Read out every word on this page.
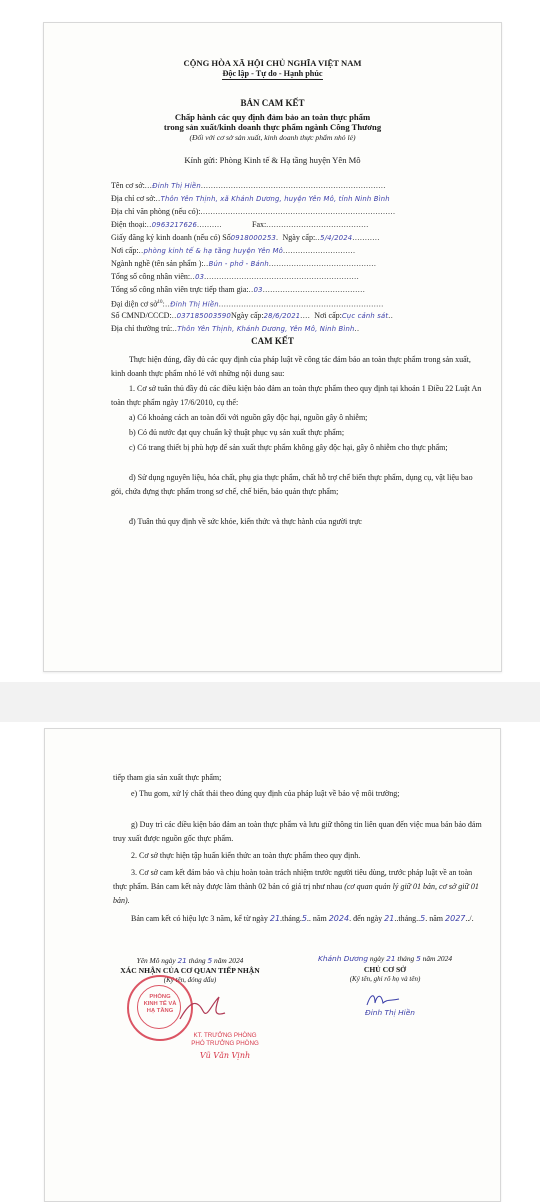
CỘNG HÒA XÃ HỘI CHỦ NGHĨA VIỆT NAM
Độc lập - Tự do - Hạnh phúc
BẢN CAM KẾT
Chấp hành các quy định đảm bảo an toàn thực phẩm
trong sản xuất/kinh doanh thực phẩm ngành Công Thương
(Đối với cơ sở sản xuất, kinh doanh thực phẩm nhỏ lẻ)
Kính gửi: Phòng Kinh tế & Hạ tầng huyện Yên Mô
Tên cơ sở:...Đinh Thị Hiền..........................................................................
Địa chỉ cơ sở:..Thôn Yên Thịnh, xã Khánh Dương, huyện Yên Mô, tỉnh Ninh Bình
Địa chỉ văn phòng (nếu có):..............................................................................
Điện thoại:..0963217626..........	Fax:.........................................
Giấy đăng ký kinh doanh (nếu có) Số0918000253. Ngày cấp:..5/4/2024...........
Nơi cấp:..phòng kinh tế & hạ tầng huyện Yên Mô.............................
Ngành nghề (tên sản phẩm ):..Bún - phở - Bánh...........................................
Tổng số công nhân viên:..03..............................................................
Tổng số công nhân viên trực tiếp tham gia:..03.........................................
Đại diện cơ sở$^{10}$:..Đinh Thị Hiền..................................................................
Số CMND/CCCD:..037185003590Ngày cấp:28/6/2021.... Nơi cấp:Cục cảnh sát..
Địa chỉ thường trú:..Thôn Yên Thịnh, Khánh Dương, Yên Mô, Ninh Bình..
CAM KẾT
Thực hiện đúng, đầy đủ các quy định của pháp luật về công tác đảm bảo an toàn thực phẩm trong sản xuất, kinh doanh thực phẩm nhỏ lẻ với những nội dung sau:
1. Cơ sở tuân thủ đầy đủ các điều kiện bảo đảm an toàn thực phẩm theo quy định tại khoản 1 Điều 22 Luật An toàn thực phẩm ngày 17/6/2010, cụ thể:
a) Có khoảng cách an toàn đối với nguồn gây độc hại, nguồn gây ô nhiễm;
b) Có đủ nước đạt quy chuẩn kỹ thuật phục vụ sản xuất thực phẩm;
c) Có trang thiết bị phù hợp để sản xuất thực phẩm không gây độc hại, gây ô nhiễm cho thực phẩm;
d) Sử dụng nguyên liệu, hóa chất, phụ gia thực phẩm, chất hỗ trợ chế biến thực phẩm, dụng cụ, vật liệu bao gói, chứa đựng thực phẩm trong sơ chế, chế biến, bảo quản thực phẩm;
đ) Tuân thủ quy định về sức khỏe, kiến thức và thực hành của người trực
tiếp tham gia sản xuất thực phẩm;
e) Thu gom, xử lý chất thải theo đúng quy định của pháp luật về bảo vệ môi trường;
g) Duy trì các điều kiện bảo đảm an toàn thực phẩm và lưu giữ thông tin liên quan đến việc mua bán bảo đảm truy xuất được nguồn gốc thực phẩm.
2. Cơ sở thực hiện tập huấn kiến thức an toàn thực phẩm theo quy định.
3. Cơ sở cam kết đảm bảo và chịu hoàn toàn trách nhiệm trước người tiêu dùng, trước pháp luật về an toàn thực phẩm. Bản cam kết này được làm thành 02 bản có giá trị như nhau (cơ quan quản lý giữ 01 bản, cơ sở giữ 01 bản).
Bản cam kết có hiệu lực 3 năm, kể từ ngày 21.tháng.5.. năm 2024. đến ngày 21..tháng..5. năm 2027../.
Yên Mô ngày 21 tháng 5 năm 2024
XÁC NHẬN CỦA CƠ QUAN TIẾP NHẬN
(Ký tên, đóng dấu)
PHÒNG
KINH TẾ VÀ
HẠ TẦNG
KT. TRƯỞNG PHÒNG
PHÓ TRƯỞNG PHÒNG
Vũ Văn Vịnh
Khánh Dương ngày 21 tháng 5 năm 2024
CHỦ CƠ SỞ
(Ký tên, ghi rõ họ và tên)
Đinh Thị Hiền
